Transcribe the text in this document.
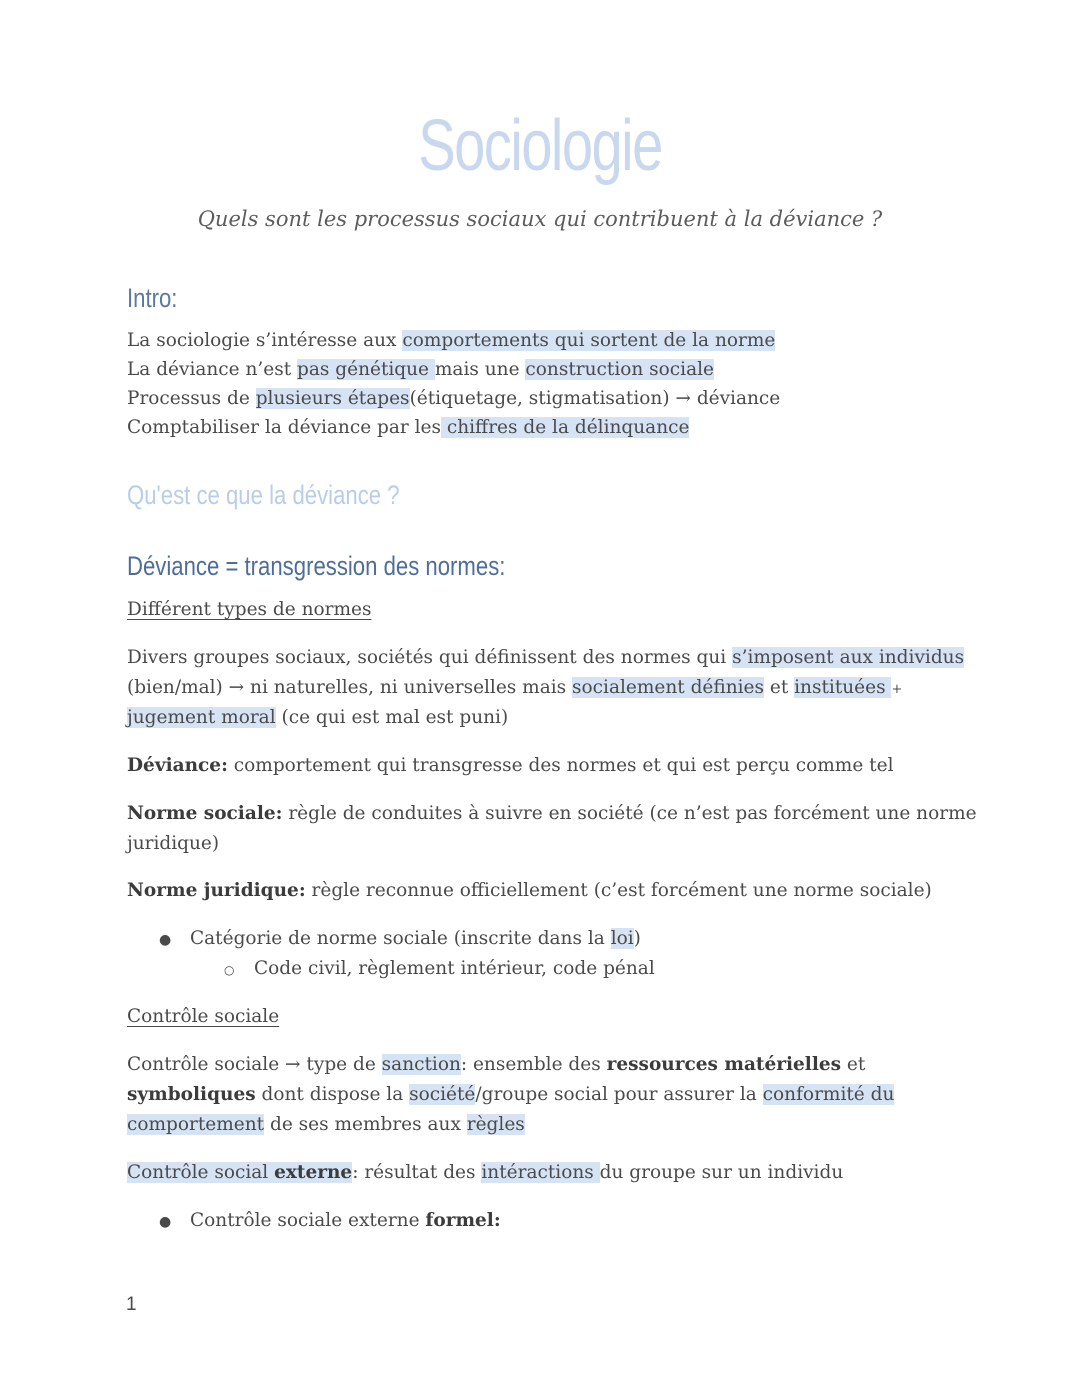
Sociologie
Quels sont les processus sociaux qui contribuent à la déviance ?
Intro:
La sociologie s’intéresse aux comportements qui sortent de la norme
La déviance n’est pas génétique mais une construction sociale
Processus de plusieurs étapes(étiquetage, stigmatisation) → déviance
Comptabiliser la déviance par les chiffres de la délinquance
Qu'est ce que la déviance ?
Déviance = transgression des normes:
Différent types de normes
Divers groupes sociaux, sociétés qui définissent des normes qui s’imposent aux individus
(bien/mal) → ni naturelles, ni universelles mais socialement définies et instituées +
jugement moral (ce qui est mal est puni)
Déviance: comportement qui transgresse des normes et qui est perçu comme tel
Norme sociale: règle de conduites à suivre en société (ce n’est pas forcément une norme
juridique)
Norme juridique: règle reconnue officiellement (c’est forcément une norme sociale)
● Catégorie de norme sociale (inscrite dans la loi)
○ Code civil, règlement intérieur, code pénal
Contrôle sociale
Contrôle sociale → type de sanction: ensemble des ressources matérielles et
symboliques dont dispose la société/groupe social pour assurer la conformité du
comportement de ses membres aux règles
Contrôle social externe: résultat des intéractions du groupe sur un individu
● Contrôle sociale externe formel:
1
